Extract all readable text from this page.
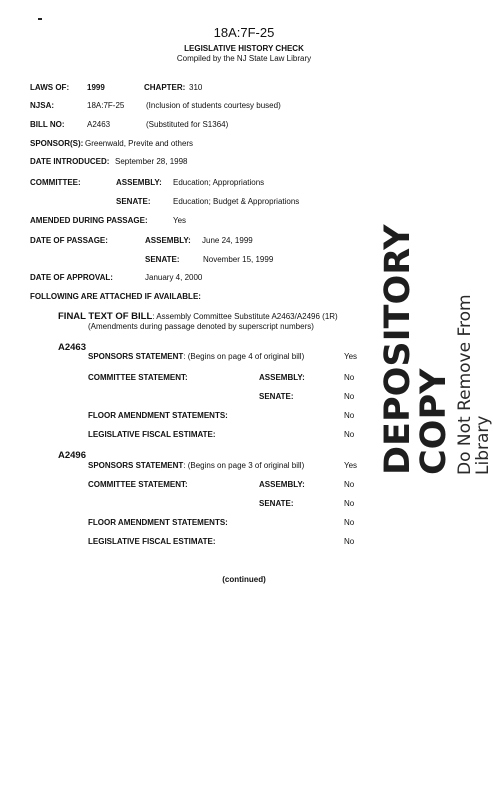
18A:7F-25
LEGISLATIVE HISTORY CHECK
Compiled by the NJ State Law Library
LAWS OF: 1999	CHAPTER: 310
NJSA:	18A:7F-25	(Inclusion of students courtesy bused)
BILL NO:	A2463	(Substituted for S1364)
SPONSOR(S): Greenwald, Previte and others
DATE INTRODUCED: September 28, 1998
COMMITTEE:	ASSEMBLY: Education; Appropriations
SENATE:	Education; Budget & Appropriations
AMENDED DURING PASSAGE:	Yes
DATE OF PASSAGE:	ASSEMBLY: June 24, 1999
SENATE:	November 15, 1999
DATE OF APPROVAL:	January 4, 2000
FOLLOWING ARE ATTACHED IF AVAILABLE:
FINAL TEXT OF BILL: Assembly Committee Substitute A2463/A2496 (1R)
(Amendments during passage denoted by superscript numbers)
A2463
SPONSORS STATEMENT: (Begins on page 4 of original bill)	Yes
COMMITTEE STATEMENT:	ASSEMBLY:	No
SENATE:	No
FLOOR AMENDMENT STATEMENTS:	No
LEGISLATIVE FISCAL ESTIMATE:	No
A2496
SPONSORS STATEMENT: (Begins on page 3 of original bill)	Yes
COMMITTEE STATEMENT:	ASSEMBLY:	No
SENATE:	No
FLOOR AMENDMENT STATEMENTS:	No
LEGISLATIVE FISCAL ESTIMATE:	No
(continued)
DEPOSITORY COPY Do Not Remove From Library
